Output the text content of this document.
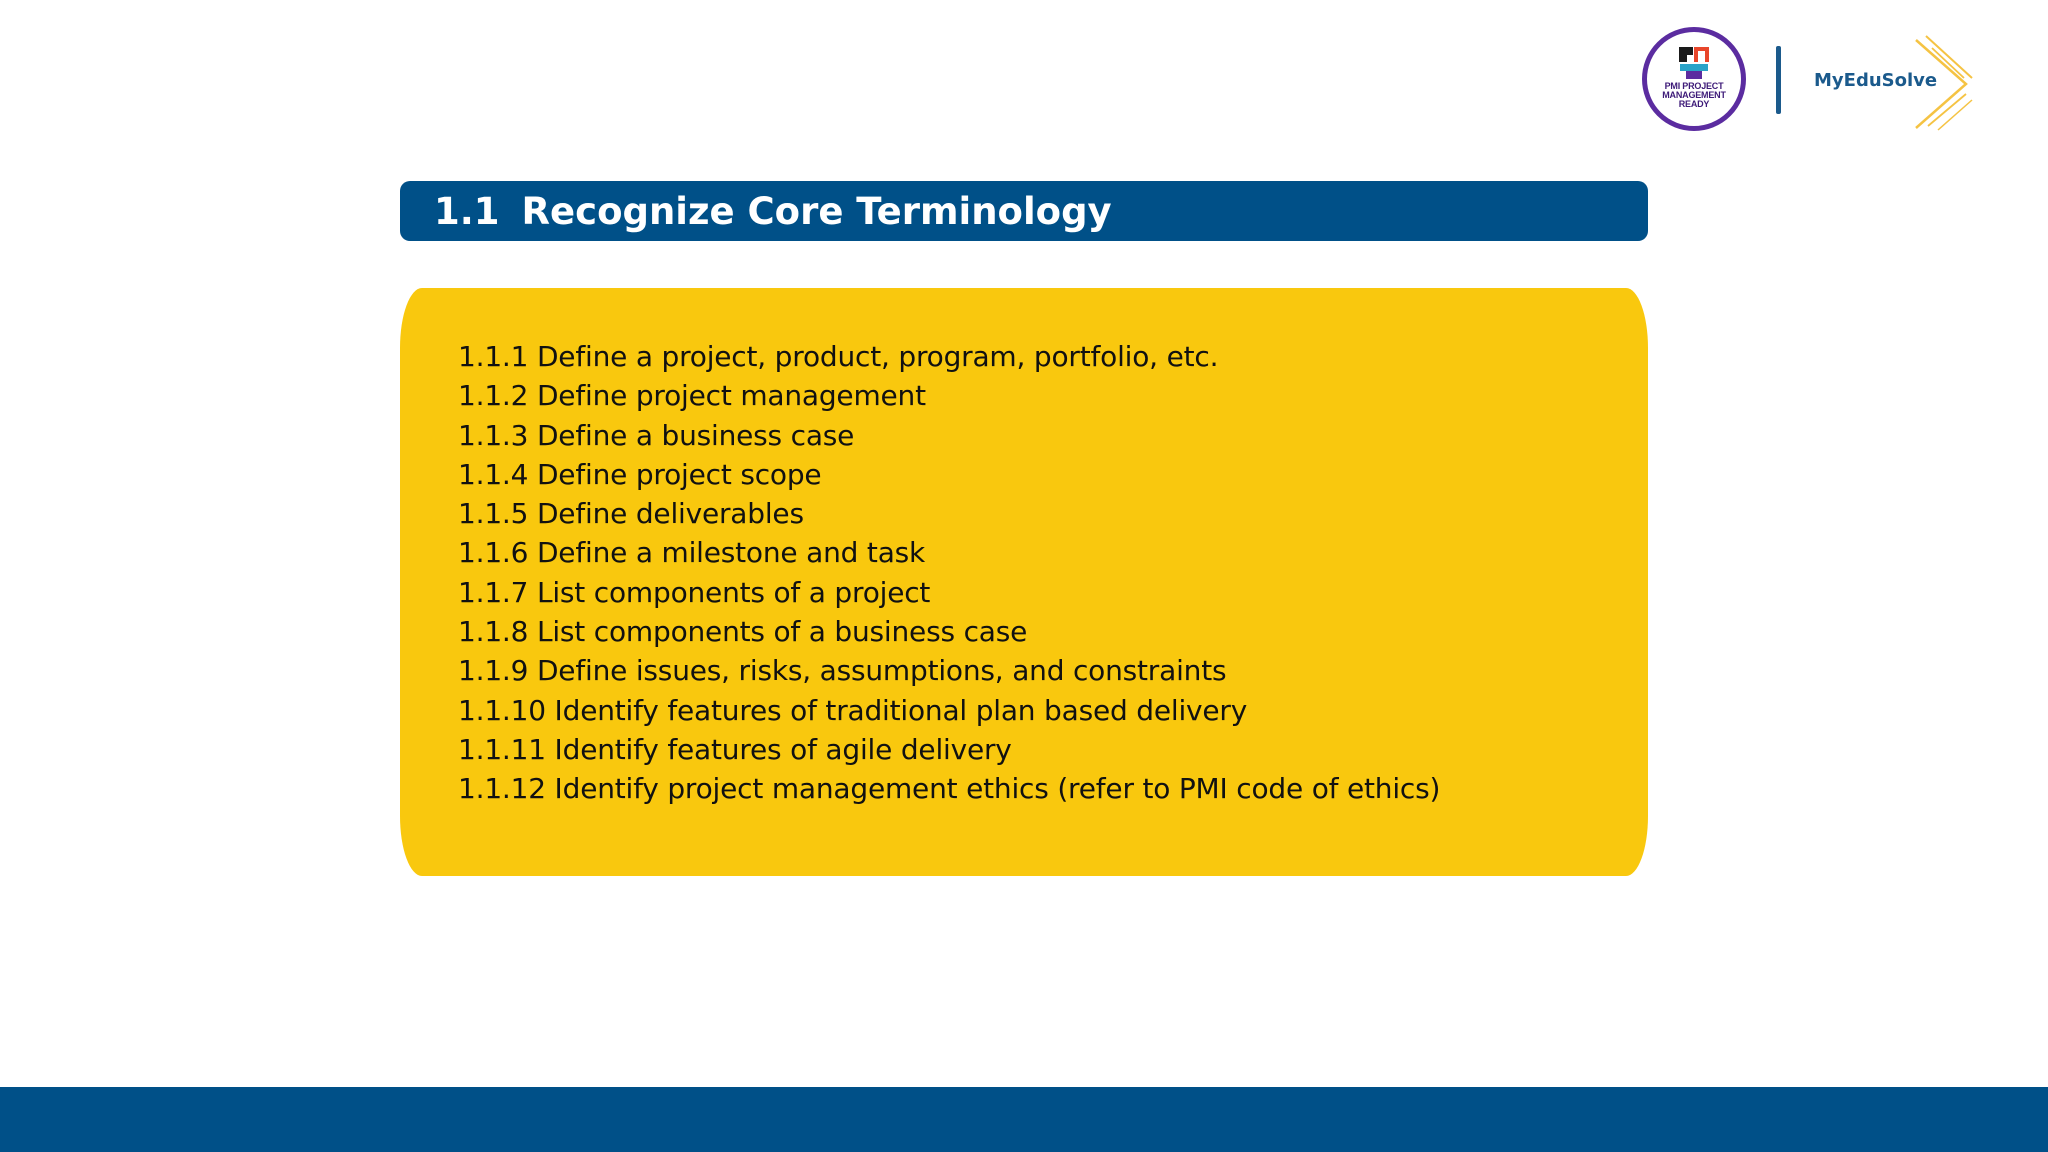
PMI PROJECT MANAGEMENT READY
MyEduSolve
1.1 Recognize Core Terminology
1.1.1 Define a project, product, program, portfolio, etc.
1.1.2 Define project management
1.1.3 Define a business case
1.1.4 Define project scope
1.1.5 Define deliverables
1.1.6 Define a milestone and task
1.1.7 List components of a project
1.1.8 List components of a business case
1.1.9 Define issues, risks, assumptions, and constraints
1.1.10 Identify features of traditional plan based delivery
1.1.11 Identify features of agile delivery
1.1.12 Identify project management ethics (refer to PMI code of ethics)
